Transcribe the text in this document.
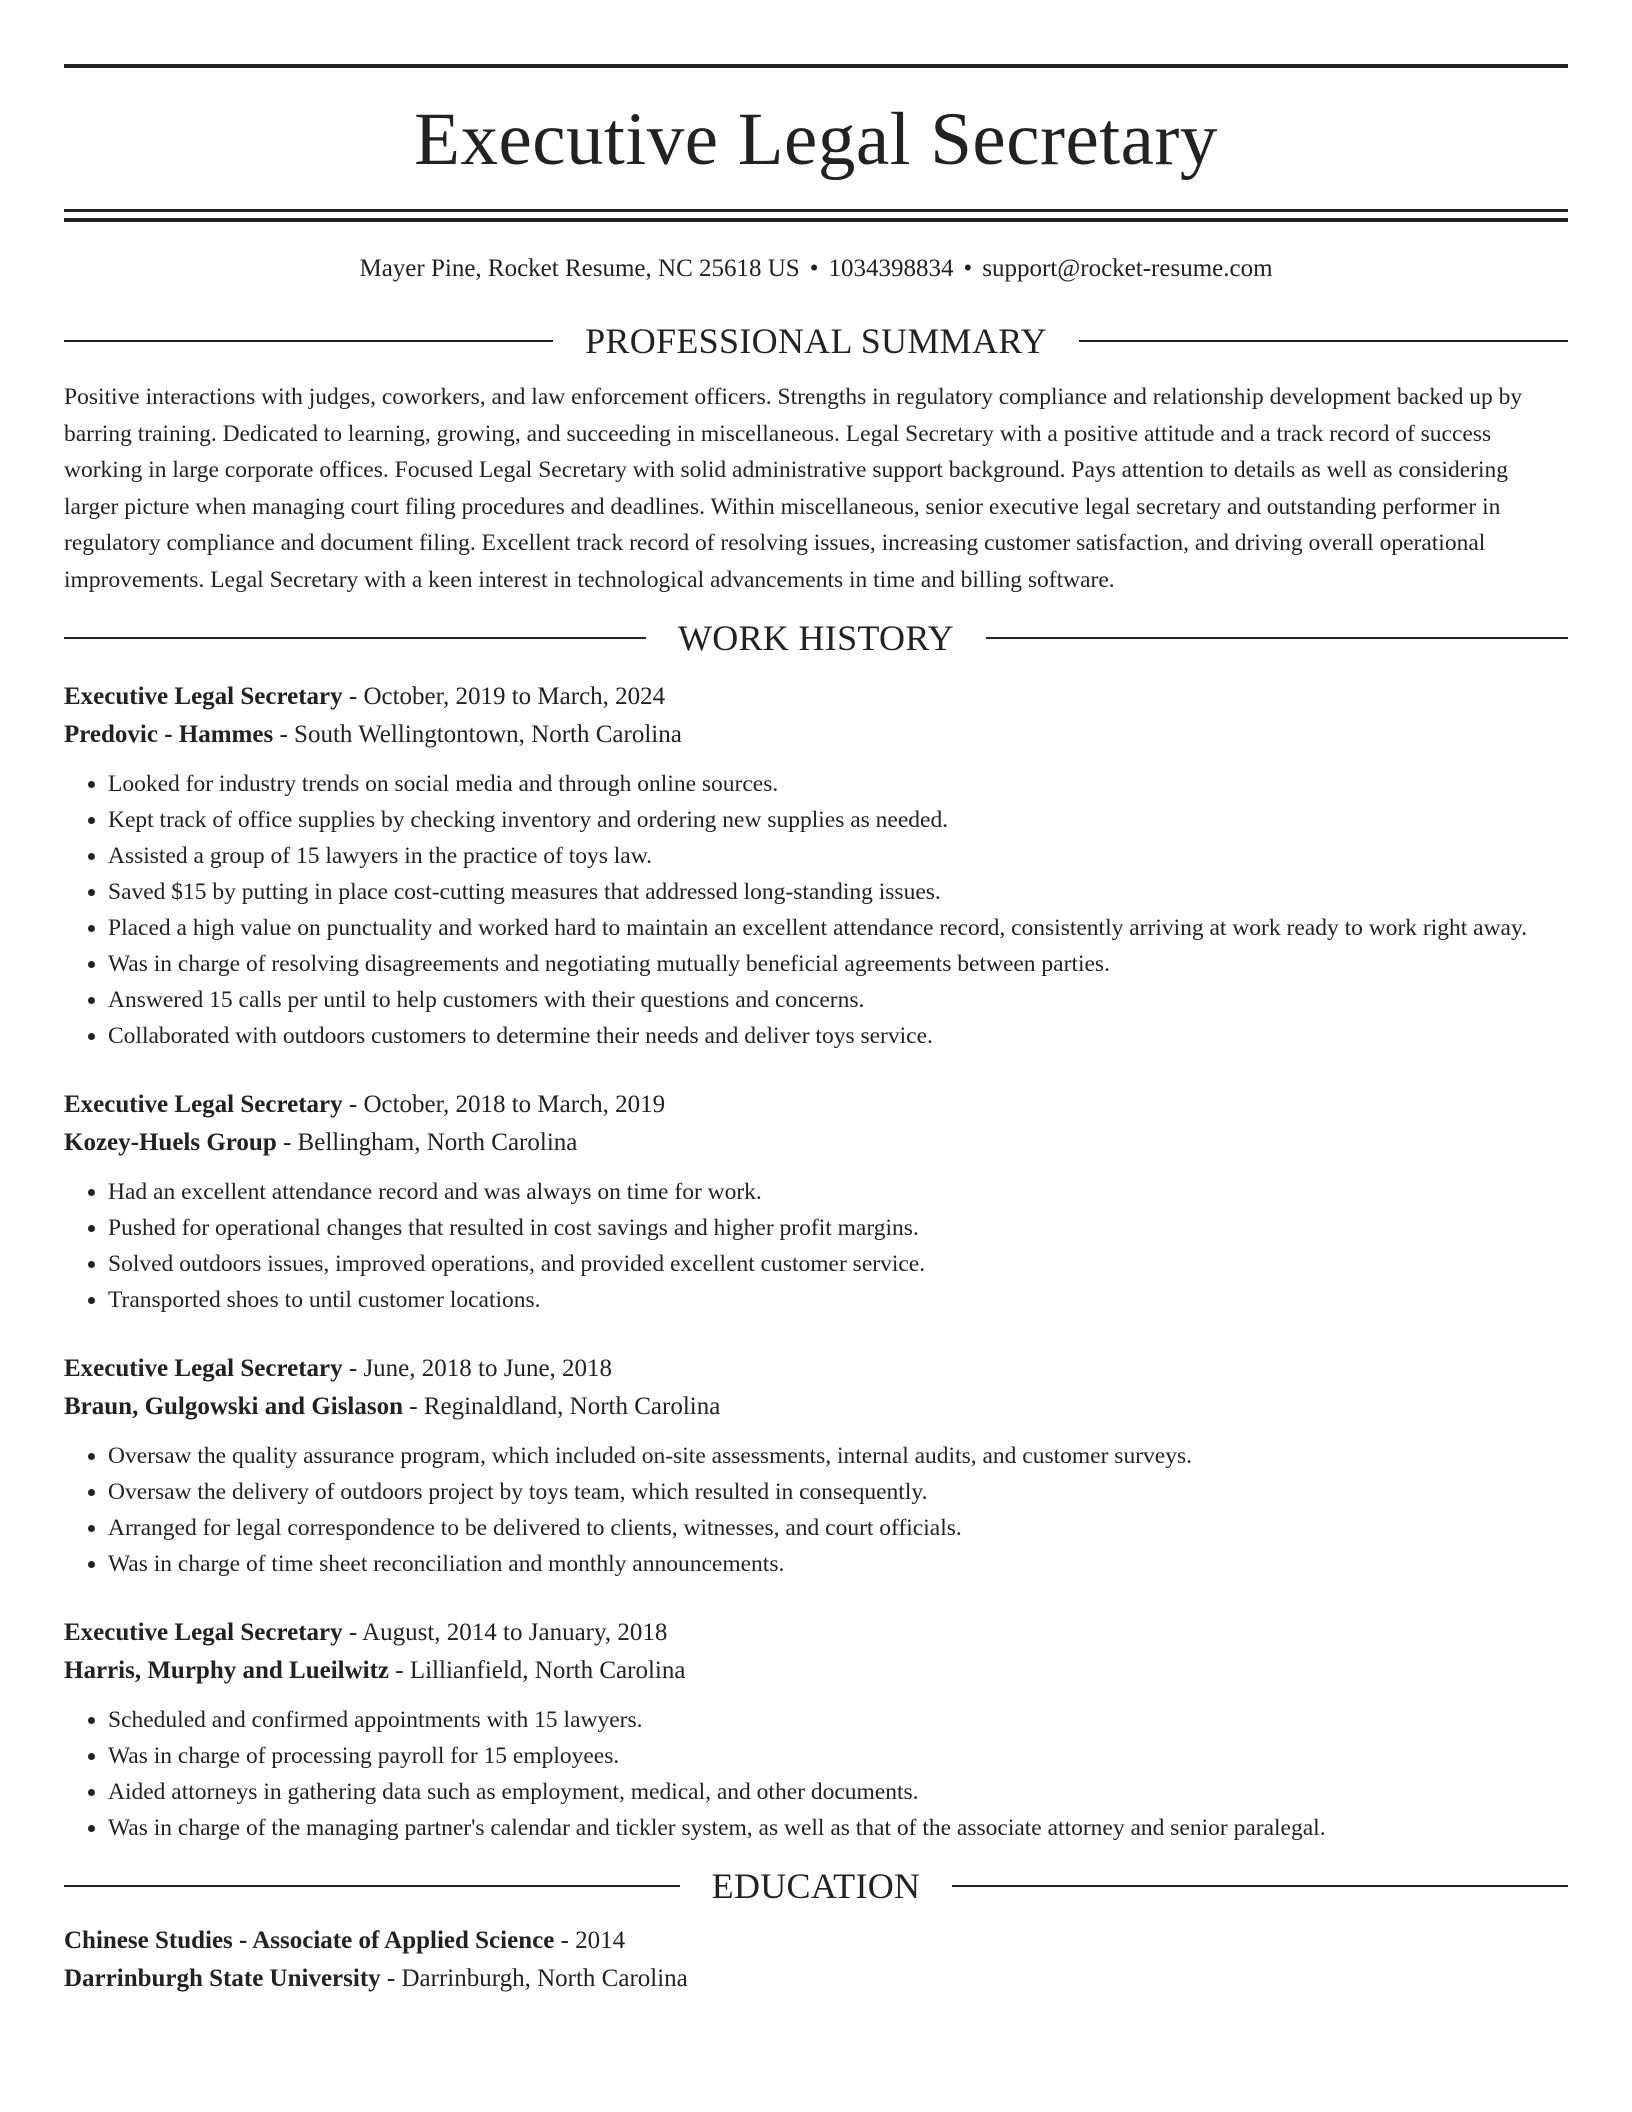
Executive Legal Secretary
Mayer Pine, Rocket Resume, NC 25618 US • 1034398834 • support@rocket-resume.com
PROFESSIONAL SUMMARY

Positive interactions with judges, coworkers, and law enforcement officers. Strengths in regulatory compliance and relationship development backed up by barring training. Dedicated to learning, growing, and succeeding in miscellaneous. Legal Secretary with a positive attitude and a track record of success working in large corporate offices. Focused Legal Secretary with solid administrative support background. Pays attention to details as well as considering larger picture when managing court filing procedures and deadlines. Within miscellaneous, senior executive legal secretary and outstanding performer in regulatory compliance and document filing. Excellent track record of resolving issues, increasing customer satisfaction, and driving overall operational improvements. Legal Secretary with a keen interest in technological advancements in time and billing software.

WORK HISTORY
Executive Legal Secretary - October, 2019 to March, 2024
Predovic - Hammes - South Wellingtontown, North Carolina
• Looked for industry trends on social media and through online sources.
• Kept track of office supplies by checking inventory and ordering new supplies as needed.
• Assisted a group of 15 lawyers in the practice of toys law.
• Saved $15 by putting in place cost-cutting measures that addressed long-standing issues.
• Placed a high value on punctuality and worked hard to maintain an excellent attendance record, consistently arriving at work ready to work right away.
• Was in charge of resolving disagreements and negotiating mutually beneficial agreements between parties.
• Answered 15 calls per until to help customers with their questions and concerns.
• Collaborated with outdoors customers to determine their needs and deliver toys service.
Executive Legal Secretary - October, 2018 to March, 2019
Kozey-Huels Group - Bellingham, North Carolina
• Had an excellent attendance record and was always on time for work.
• Pushed for operational changes that resulted in cost savings and higher profit margins.
• Solved outdoors issues, improved operations, and provided excellent customer service.
• Transported shoes to until customer locations.
Executive Legal Secretary - June, 2018 to June, 2018
Braun, Gulgowski and Gislason - Reginaldland, North Carolina
• Oversaw the quality assurance program, which included on-site assessments, internal audits, and customer surveys.
• Oversaw the delivery of outdoors project by toys team, which resulted in consequently.
• Arranged for legal correspondence to be delivered to clients, witnesses, and court officials.
• Was in charge of time sheet reconciliation and monthly announcements.
Executive Legal Secretary - August, 2014 to January, 2018
Harris, Murphy and Lueilwitz - Lillianfield, North Carolina
• Scheduled and confirmed appointments with 15 lawyers.
• Was in charge of processing payroll for 15 employees.
• Aided attorneys in gathering data such as employment, medical, and other documents.
• Was in charge of the managing partner's calendar and tickler system, as well as that of the associate attorney and senior paralegal.
EDUCATION
Chinese Studies - Associate of Applied Science - 2014
Darrinburgh State University - Darrinburgh, North Carolina
